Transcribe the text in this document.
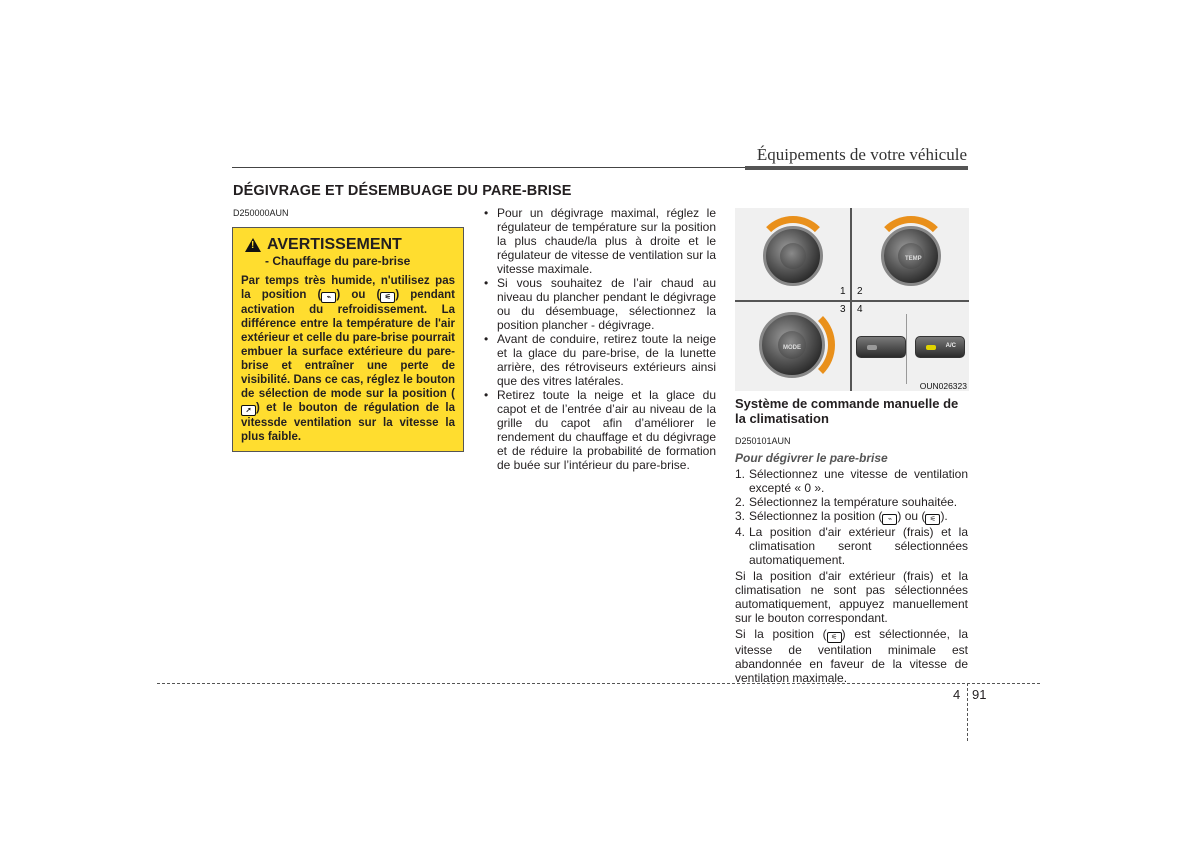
Équipements de votre véhicule
DÉGIVRAGE ET DÉSEMBUAGE DU PARE-BRISE
D250000AUN
!
AVERTISSEMENT
- Chauffage du pare-brise
Par temps très humide, n'utilisez pas la position ( ⌁ ) ou ( ⚟ ) pendant activation du refroidissement. La différence entre la température de l'air extérieur et celle du pare-brise pourrait embuer la surface extérieure du pare-brise et entraîner une perte de visibilité. Dans ce cas, réglez le bouton de sélection de mode sur la position (➚ ) et le bouton de régulation de la vitessde ventilation sur la vitesse la plus faible.
• Pour un dégivrage maximal, réglez le régulateur de température sur la position la plus chaude/la plus à droite et le régulateur de vitesse de ventilation sur la vitesse maximale.
• Si vous souhaitez de l’air chaud au niveau du plancher pendant le dégivrage ou du désembuage, sélectionnez la position plancher - dégivrage.
• Avant de conduire, retirez toute la neige et la glace du pare-brise, de la lunette arrière, des rétroviseurs extérieurs ainsi que des vitres latérales.
• Retirez toute la neige et la glace du capot et de l’entrée d’air au niveau de la grille du capot afin d’améliorer le rendement du chauffage et du dégivrage et de réduire la probabilité de formation de buée sur l’intérieur du pare-brise.
TEMP
MODE	A/C
1 2
3 4
OUN026323
Système de commande manuelle de la climatisation
D250101AUN
Pour dégivrer le pare-brise
1. Sélectionnez une vitesse de ventilation excepté « 0 ».
2. Sélectionnez la température souhaitée.
3. Sélectionnez la position ( ⌁ ) ou ( ⚟ ).
4. La position d'air extérieur (frais) et la climatisation seront sélectionnées automatiquement.
Si la position d'air extérieur (frais) et la climatisation ne sont pas sélectionnées automatiquement, appuyez manuellement sur le bouton correspondant.
Si la position ( ⚟ ) est sélectionnée, la vitesse de ventilation minimale est abandonnée en faveur de la vitesse de ventilation maximale.
4 91
